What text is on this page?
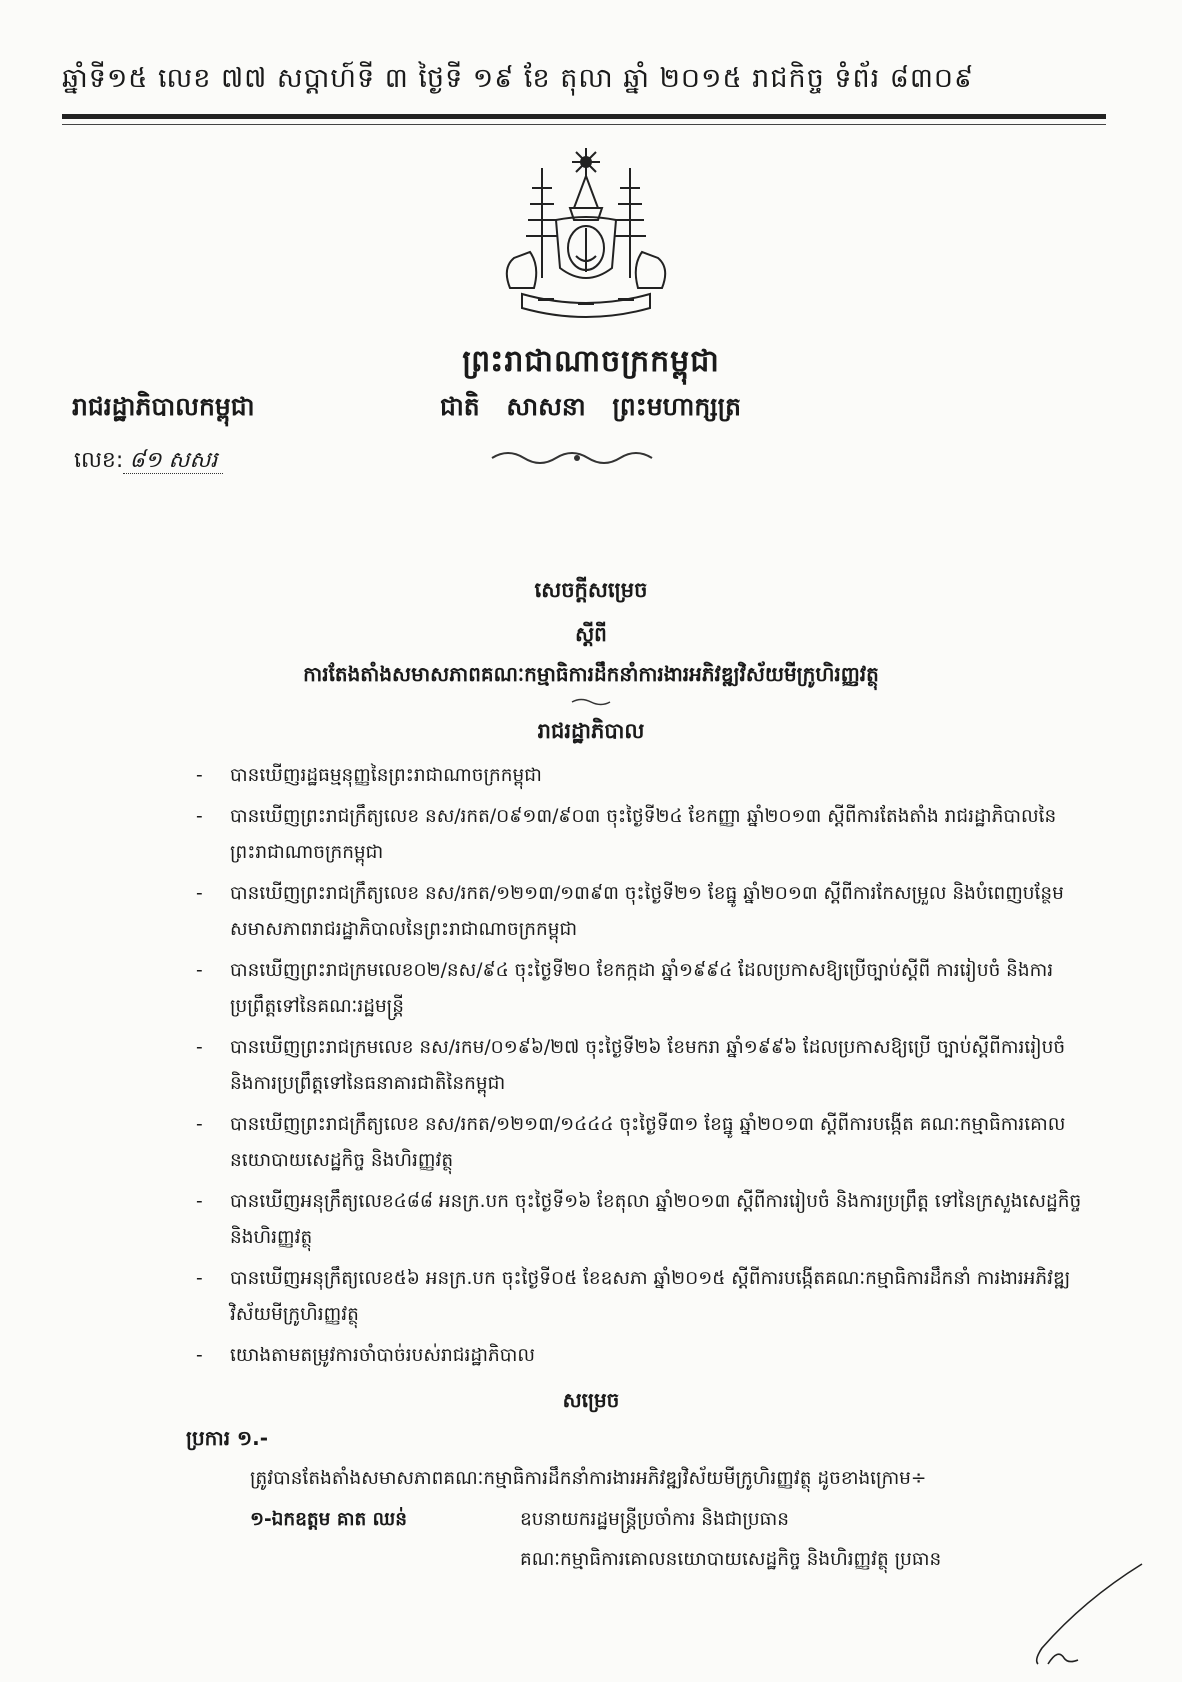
ឆ្នាំទី១៥ លេខ ៧៧ សប្តាហ៍ទី ៣ ថ្ងៃទី ១៩ ខែ តុលា ឆ្នាំ ២០១៥ រាជកិច្ច ទំព័រ ៨៣០៩
ព្រះរាជាណាចក្រកម្ពុជា
រាជរដ្ឋាភិបាលកម្ពុជា	ជាតិ សាសនា ព្រះមហាក្សត្រ
លេខ: ៨១ សសរ
សេចក្តីសម្រេច
ស្តីពី
ការតែងតាំងសមាសភាពគណៈកម្មាធិការដឹកនាំការងារអភិវឌ្ឍវិស័យមីក្រូហិរញ្ញវត្ថុ
រាជរដ្ឋាភិបាល
- បានឃើញរដ្ឋធម្មនុញ្ញនៃព្រះរាជាណាចក្រកម្ពុជា
- បានឃើញព្រះរាជក្រឹត្យលេខ នស/រកត/០៩១៣/៩០៣ ចុះថ្ងៃទី២៤ ខែកញ្ញា ឆ្នាំ២០១៣ ស្តីពីការតែងតាំង រាជរដ្ឋាភិបាលនៃព្រះរាជាណាចក្រកម្ពុជា
- បានឃើញព្រះរាជក្រឹត្យលេខ នស/រកត/១២១៣/១៣៩៣ ចុះថ្ងៃទី២១ ខែធ្នូ ឆ្នាំ២០១៣ ស្តីពីការកែសម្រួល និងបំពេញបន្ថែមសមាសភាពរាជរដ្ឋាភិបាលនៃព្រះរាជាណាចក្រកម្ពុជា
- បានឃើញព្រះរាជក្រមលេខ០២/នស/៩៤ ចុះថ្ងៃទី២០ ខែកក្កដា ឆ្នាំ១៩៩៤ ដែលប្រកាសឱ្យប្រើច្បាប់ស្តីពី ការរៀបចំ និងការប្រព្រឹត្តទៅនៃគណៈរដ្ឋមន្ត្រី
- បានឃើញព្រះរាជក្រមលេខ នស/រកម/០១៩៦/២៧ ចុះថ្ងៃទី២៦ ខែមករា ឆ្នាំ១៩៩៦ ដែលប្រកាសឱ្យប្រើ ច្បាប់ស្តីពីការរៀបចំ និងការប្រព្រឹត្តទៅនៃធនាគារជាតិនៃកម្ពុជា
- បានឃើញព្រះរាជក្រឹត្យលេខ នស/រកត/១២១៣/១៤៤៤ ចុះថ្ងៃទី៣១ ខែធ្នូ ឆ្នាំ២០១៣ ស្តីពីការបង្កើត គណៈកម្មាធិការគោលនយោបាយសេដ្ឋកិច្ច និងហិរញ្ញវត្ថុ
- បានឃើញអនុក្រឹត្យលេខ៤៨៨ អនក្រ.បក ចុះថ្ងៃទី១៦ ខែតុលា ឆ្នាំ២០១៣ ស្តីពីការរៀបចំ និងការប្រព្រឹត្ត ទៅនៃក្រសួងសេដ្ឋកិច្ច និងហិរញ្ញវត្ថុ
- បានឃើញអនុក្រឹត្យលេខ៥៦ អនក្រ.បក ចុះថ្ងៃទី០៥ ខែឧសភា ឆ្នាំ២០១៥ ស្តីពីការបង្កើតគណៈកម្មាធិការដឹកនាំ ការងារអភិវឌ្ឍវិស័យមីក្រូហិរញ្ញវត្ថុ
- យោងតាមតម្រូវការចាំបាច់របស់រាជរដ្ឋាភិបាល
សម្រេច
ប្រការ ១.-
ត្រូវបានតែងតាំងសមាសភាពគណៈកម្មាធិការដឹកនាំការងារអភិវឌ្ឍវិស័យមីក្រូហិរញ្ញវត្ថុ ដូចខាងក្រោម÷
១-ឯកឧត្តម គាត ឈន់	ឧបនាយករដ្ឋមន្ត្រីប្រចាំការ និងជាប្រធាន
គណៈកម្មាធិការគោលនយោបាយសេដ្ឋកិច្ច និងហិរញ្ញវត្ថុ ប្រធាន
